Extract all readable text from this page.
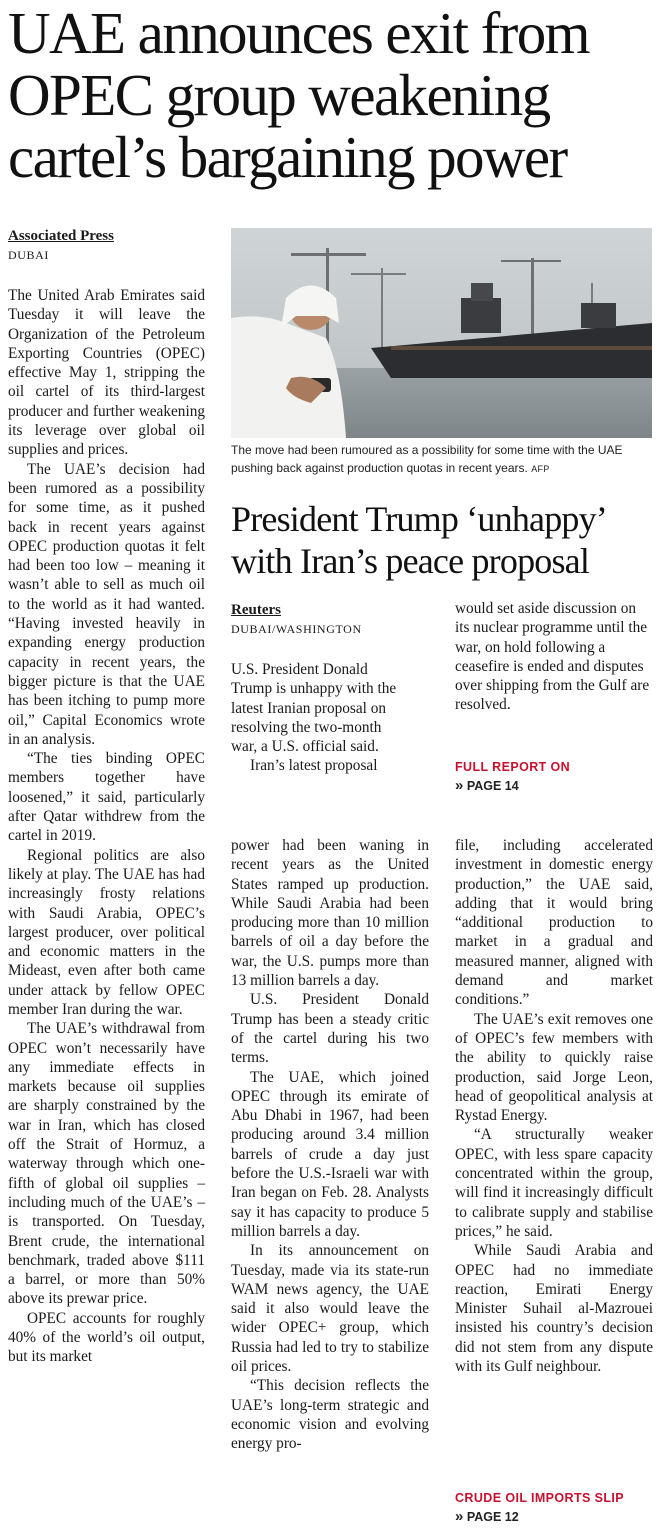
UAE announces exit from OPEC group weakening cartel’s bargaining power
Associated Press
DUBAI

The United Arab Emirates said Tuesday it will leave the Organization of the Petroleum Exporting Countries (OPEC) effective May 1, stripping the oil cartel of its third-largest producer and further weakening its leverage over global oil supplies and prices.

The UAE’s decision had been rumored as a possibility for some time, as it pushed back in recent years against OPEC production quotas it felt had been too low – meaning it wasn’t able to sell as much oil to the world as it had wanted. “Having invested heavily in expanding energy production capacity in recent years, the bigger picture is that the UAE has been itching to pump more oil,” Capital Economics wrote in an analysis.

“The ties binding OPEC members together have loosened,” it said, particularly after Qatar withdrew from the cartel in 2019.

Regional politics are also likely at play. The UAE has had increasingly frosty relations with Saudi Arabia, OPEC’s largest producer, over political and economic matters in the Mideast, even after both came under attack by fellow OPEC member Iran during the war.

The UAE’s withdrawal from OPEC won’t necessarily have any immediate effects in markets because oil supplies are sharply constrained by the war in Iran, which has closed off the Strait of Hormuz, a waterway through which one-fifth of global oil supplies – including much of the UAE’s – is transported. On Tuesday, Brent crude, the international benchmark, traded above $111 a barrel, or more than 50% above its prewar price.

OPEC accounts for roughly 40% of the world’s oil output, but its market

The move had been rumoured as a possibility for some time with the UAE pushing back against production quotas in recent years. AFP
President Trump ‘unhappy’ with Iran’s peace proposal
Reuters
DUBAI/WASHINGTON

U.S. President Donald Trump is unhappy with the latest Iranian proposal on resolving the two-month war, a U.S. official said.

Iran’s latest proposal

would set aside discussion on its nuclear programme until the war, on hold following a ceasefire is ended and disputes over shipping from the Gulf are resolved.

FULL REPORT ON
» PAGE 14

power had been waning in recent years as the United States ramped up production. While Saudi Arabia had been producing more than 10 million barrels of oil a day before the war, the U.S. pumps more than 13 million barrels a day.

U.S. President Donald Trump has been a steady critic of the cartel during his two terms.

The UAE, which joined OPEC through its emirate of Abu Dhabi in 1967, had been producing around 3.4 million barrels of crude a day just before the U.S.-Israeli war with Iran began on Feb. 28. Analysts say it has capacity to produce 5 million barrels a day.

In its announcement on Tuesday, made via its state-run WAM news agency, the UAE said it also would leave the wider OPEC+ group, which Russia had led to try to stabilize oil prices.

“This decision reflects the UAE’s long-term strategic and economic vision and evolving energy pro-

file, including accelerated investment in domestic energy production,” the UAE said, adding that it would bring “additional production to market in a gradual and measured manner, aligned with demand and market conditions.”

The UAE’s exit removes one of OPEC’s few members with the ability to quickly raise production, said Jorge Leon, head of geopolitical analysis at Rystad Energy.

“A structurally weaker OPEC, with less spare capacity concentrated within the group, will find it increasingly difficult to calibrate supply and stabilise prices,” he said.

While Saudi Arabia and OPEC had no immediate reaction, Emirati Energy Minister Suhail al-Mazrouei insisted his country’s decision did not stem from any dispute with its Gulf neighbour.

CRUDE OIL IMPORTS SLIP
» PAGE 12
